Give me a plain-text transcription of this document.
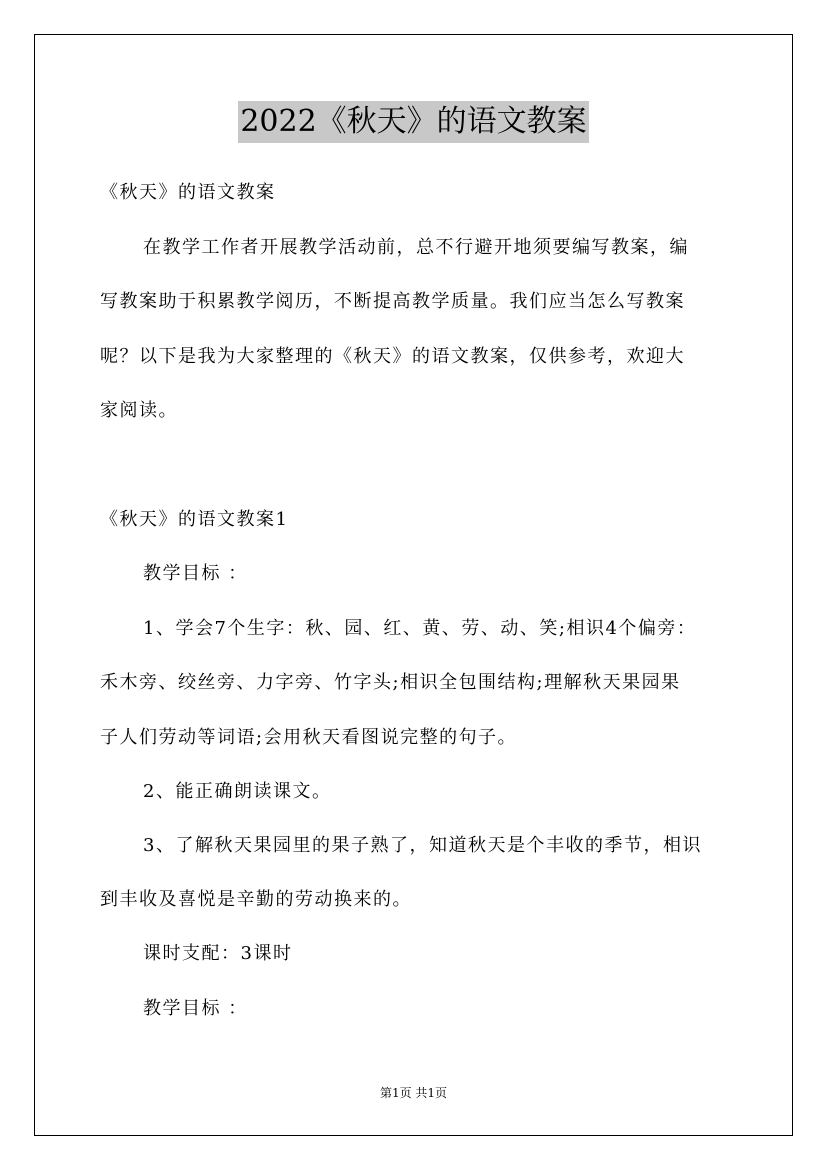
2022《秋天》的语文教案
《秋天》的语文教案
在教学工作者开展教学活动前，总不行避开地须要编写教案，编
写教案助于积累教学阅历，不断提高教学质量。我们应当怎么写教案
呢？以下是我为大家整理的《秋天》的语文教案，仅供参考，欢迎大
家阅读。
《秋天》的语文教案1
教学目标 ：
1、学会7个生字：秋、园、红、黄、劳、动、笑;相识4个偏旁：
禾木旁、绞丝旁、力字旁、竹字头;相识全包围结构;理解秋天果园果
子人们劳动等词语;会用秋天看图说完整的句子。
2、能正确朗读课文。
3、了解秋天果园里的果子熟了，知道秋天是个丰收的季节，相识
到丰收及喜悦是辛勤的劳动换来的。
课时支配：3课时
教学目标 ：
第1页 共1页
